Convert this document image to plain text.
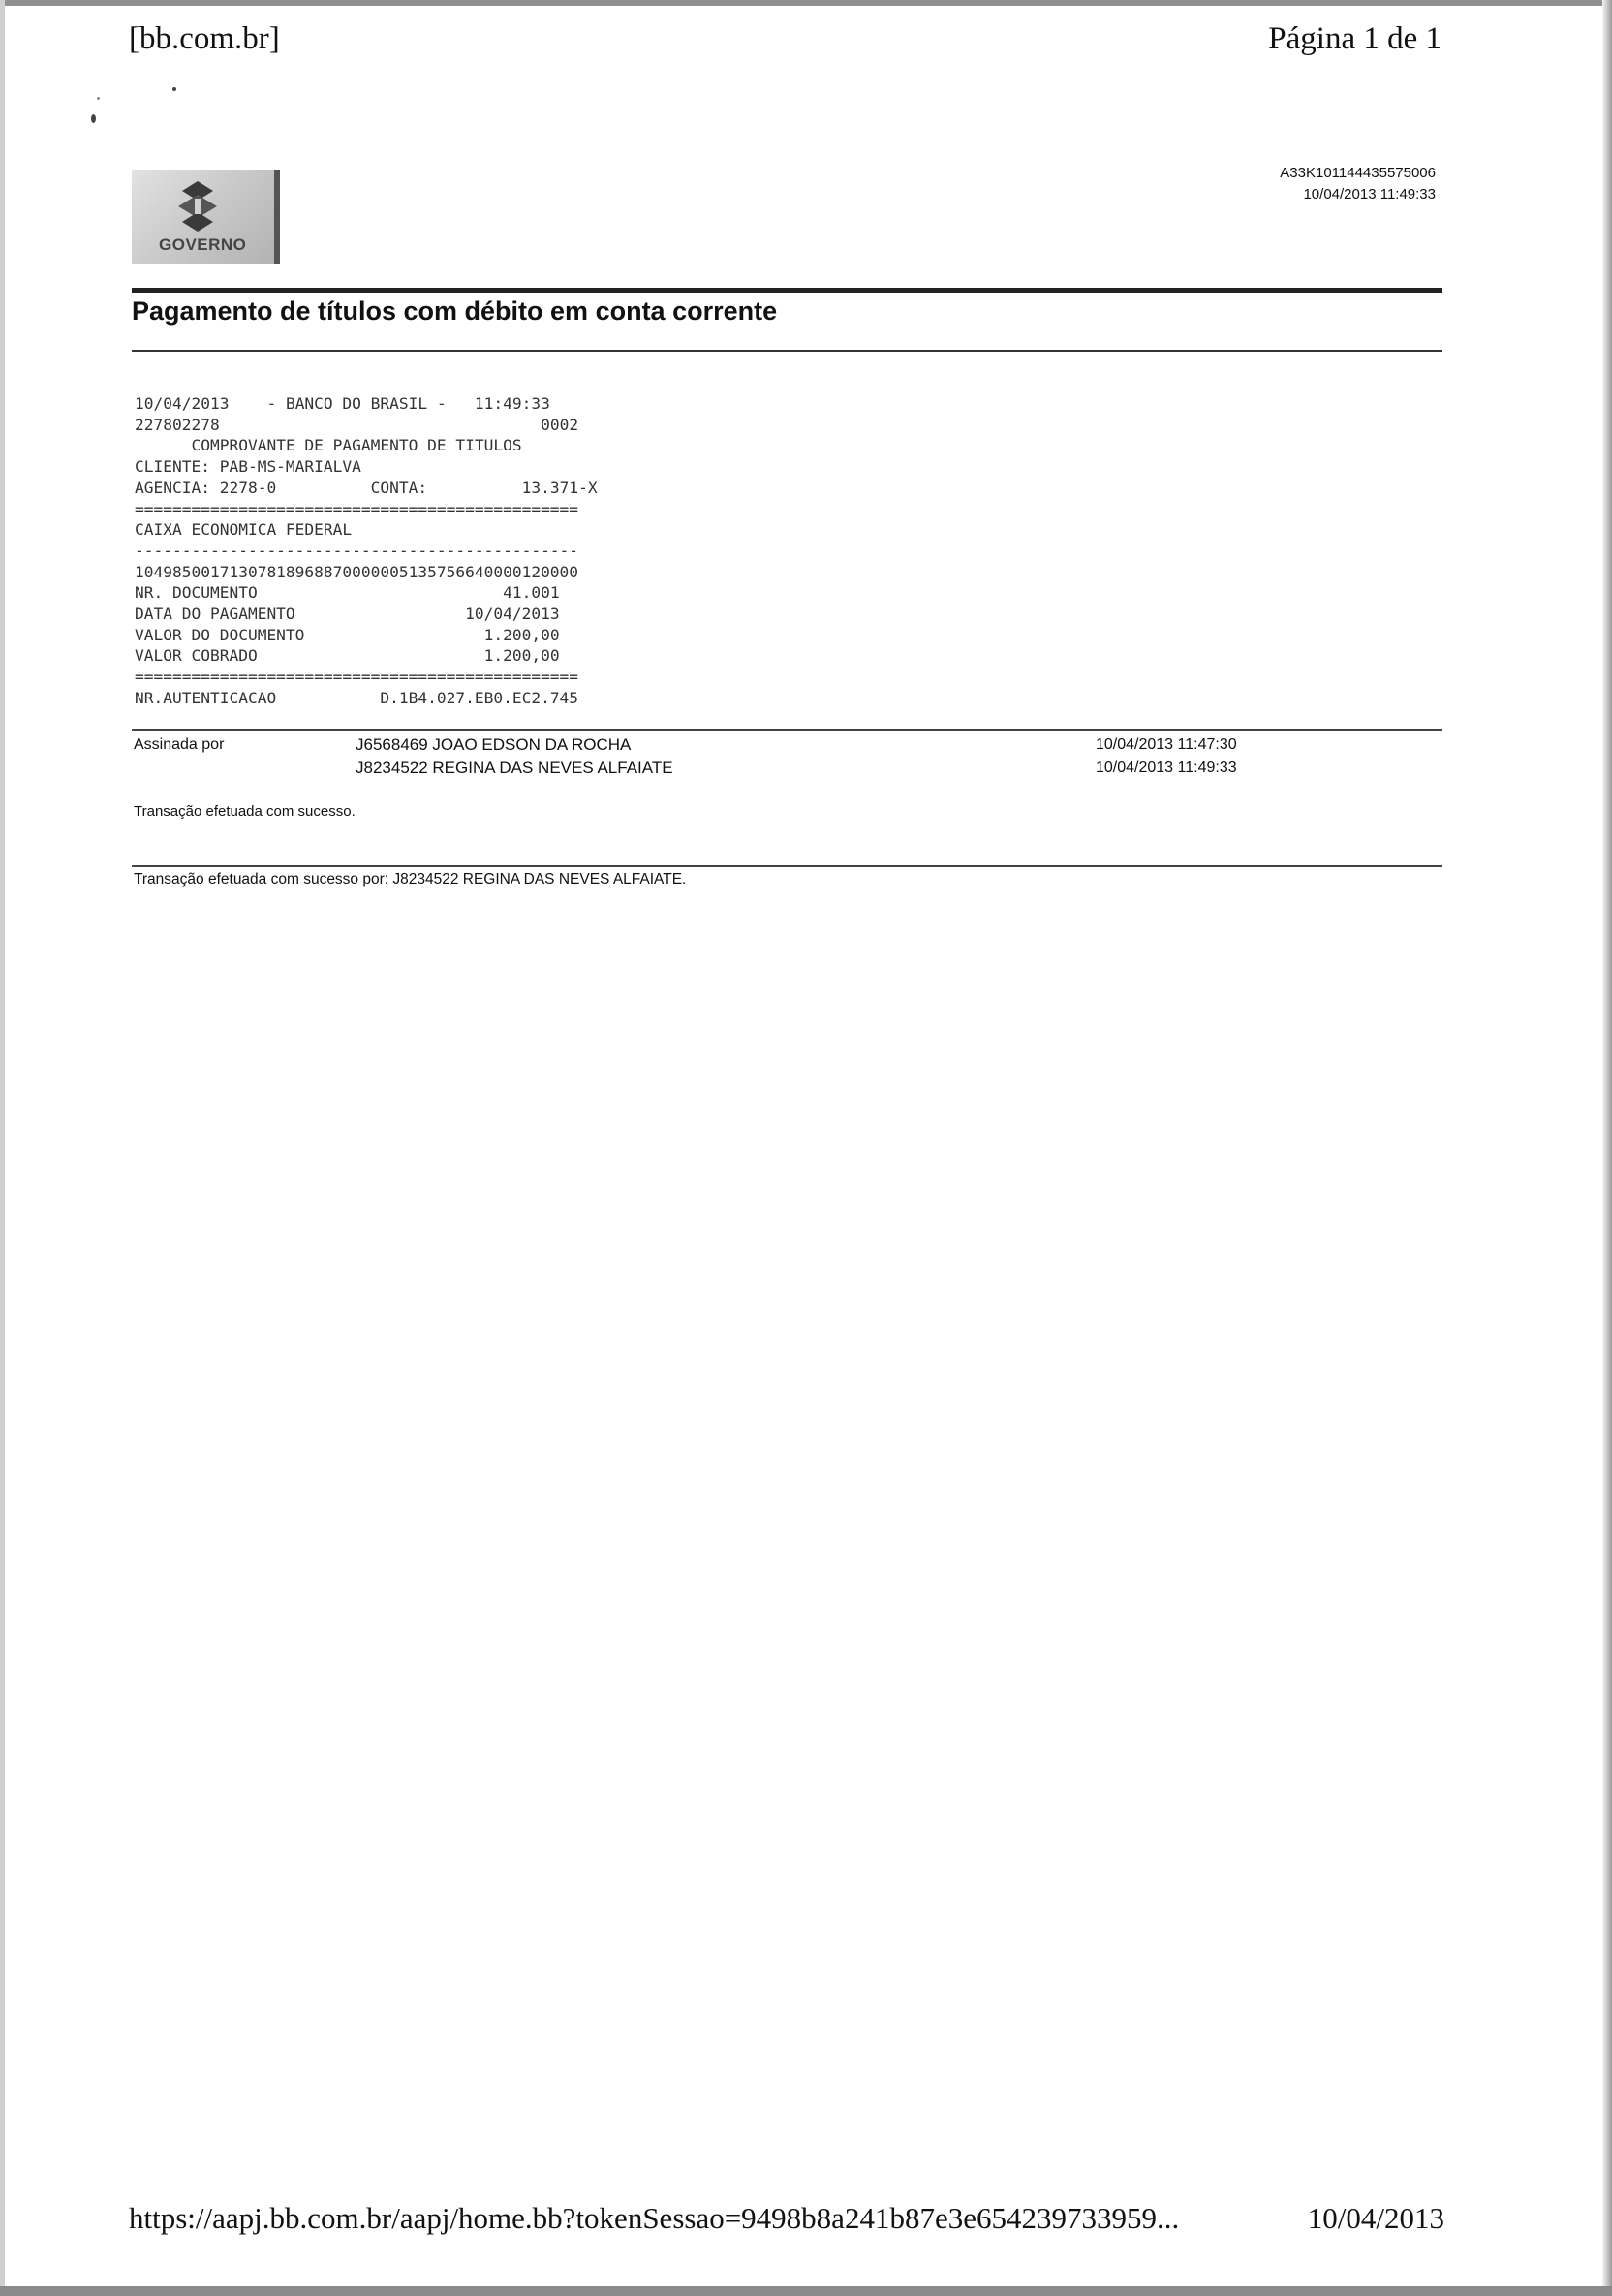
[bb.com.br]	Página 1 de 1
GOVERNO
A33K101144435575006
10/04/2013 11:49:33
Pagamento de títulos com débito em conta corrente
10/04/2013 - BANCO DO BRASIL - 11:49:33
227802278	0002
COMPROVANTE DE PAGAMENTO DE TITULOS
CLIENTE: PAB-MS-MARIALVA
AGENCIA: 2278-0	CONTA:	13.371-X
===============================================
CAIXA ECONOMICA FEDERAL
-----------------------------------------------
10498500171307818968870000005135756640000120000
NR. DOCUMENTO	41.001
DATA DO PAGAMENTO	10/04/2013
VALOR DO DOCUMENTO	1.200,00
VALOR COBRADO	1.200,00
===============================================
NR.AUTENTICACAO	D.1B4.027.EB0.EC2.745
Assinada por	J6568469 JOAO EDSON DA ROCHA	10/04/2013 11:47:30
J8234522 REGINA DAS NEVES ALFAIATE	10/04/2013 11:49:33
Transação efetuada com sucesso.
Transação efetuada com sucesso por: J8234522 REGINA DAS NEVES ALFAIATE.
https://aapj.bb.com.br/aapj/home.bb?tokenSessao=9498b8a241b87e3e654239733959...	10/04/2013
